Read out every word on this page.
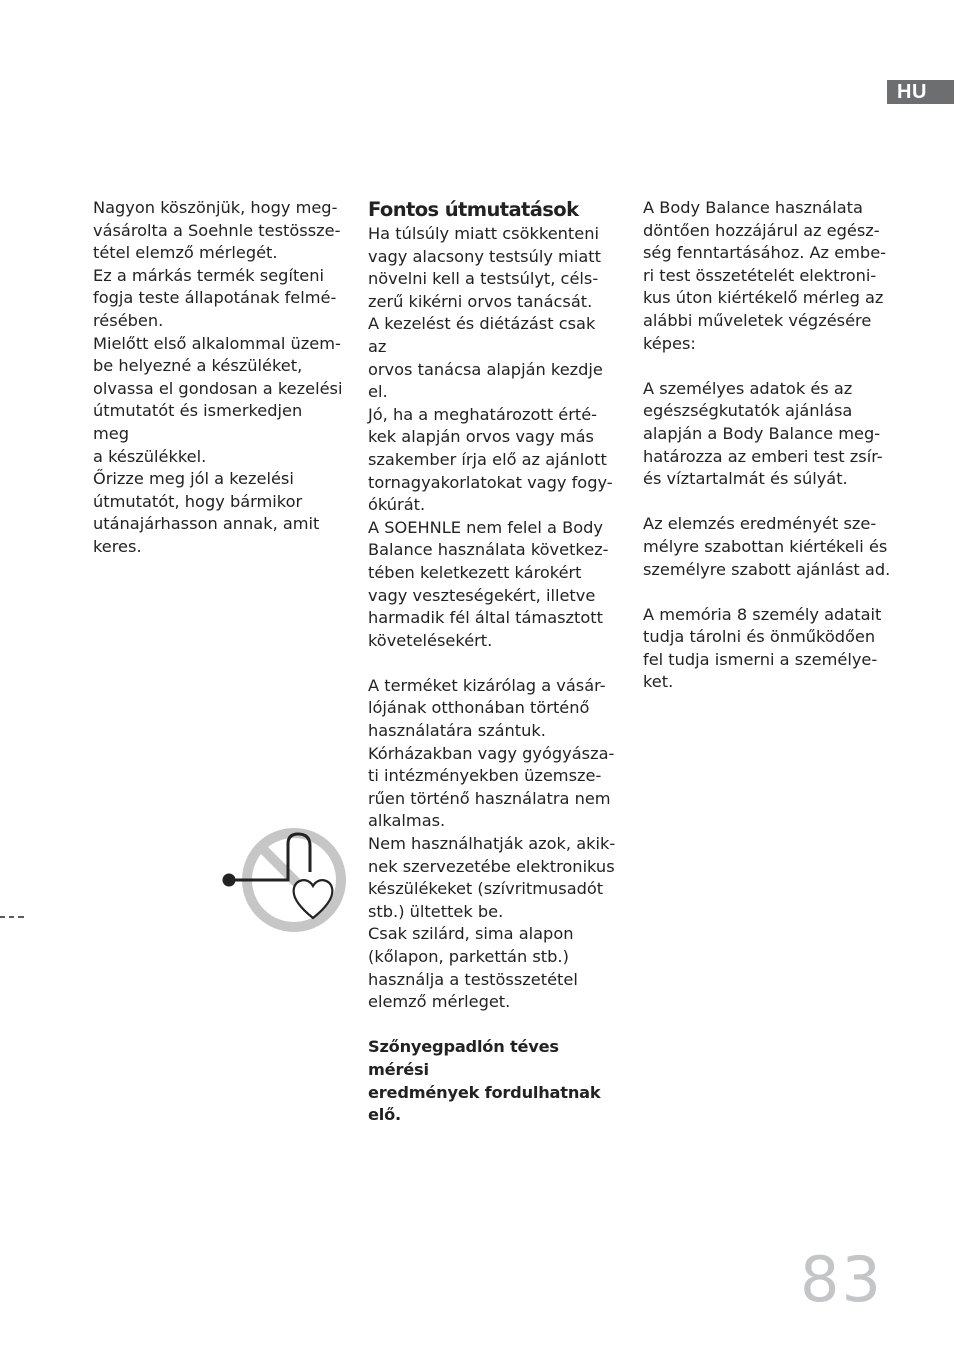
HU

Nagyon köszönjük, hogy meg-

vásárolta a Soehnle testössze-

tétel elemző mérlegét.

Ez a márkás termék segíteni

fogja teste állapotának felmé-

résében.

Mielőtt első alkalommal üzem-

be helyezné a készüléket,

olvassa el gondosan a kezelési

útmutatót és ismerkedjen meg

a készülékkel.

Őrizze meg jól a kezelési

útmutatót, hogy bármikor

utánajárhasson annak, amit

keres.

Fontos útmutatások

Ha túlsúly miatt csökkenteni

vagy alacsony testsúly miatt

növelni kell a testsúlyt, céls-

zerű kikérni orvos tanácsát.

A kezelést és diétázást csak az

orvos tanácsa alapján kezdje

el.

Jó, ha a meghatározott érté-

kek alapján orvos vagy más

szakember írja elő az ajánlott

tornagyakorlatokat vagy fogy-

ókúrát.

A SOEHNLE nem felel a Body

Balance használata következ-

tében keletkezett károkért

vagy veszteségekért, illetve

harmadik fél által támasztott

követelésekért.

A terméket kizárólag a vásár-

lójának otthonában történő

használatára szántuk.

Kórházakban vagy gyógyásza-

ti intézményekben üzemsze-

rűen történő használatra nem

alkalmas.

Nem használhatják azok, akik-

nek szervezetébe elektronikus

készülékeket (szívritmusadót

stb.) ültettek be.

Csak szilárd, sima alapon

(kőlapon, parkettán stb.)

használja a testösszetétel

elemző mérleget.

Szőnyegpadlón téves mérési

eredmények fordulhatnak elő.

A Body Balance használata

döntően hozzájárul az egész-

ség fenntartásához. Az embe-

ri test összetételét elektroni-

kus úton kiértékelő mérleg az

alábbi műveletek végzésére

képes:

A személyes adatok és az

egészségkutatók ajánlása

alapján a Body Balance meg-

határozza az emberi test zsír-

és víztartalmát és súlyát.

Az elemzés eredményét sze-

mélyre szabottan kiértékeli és

személyre szabott ajánlást ad.

A memória 8 személy adatait

tudja tárolni és önműködően

fel tudja ismerni a személye-

ket.

83
